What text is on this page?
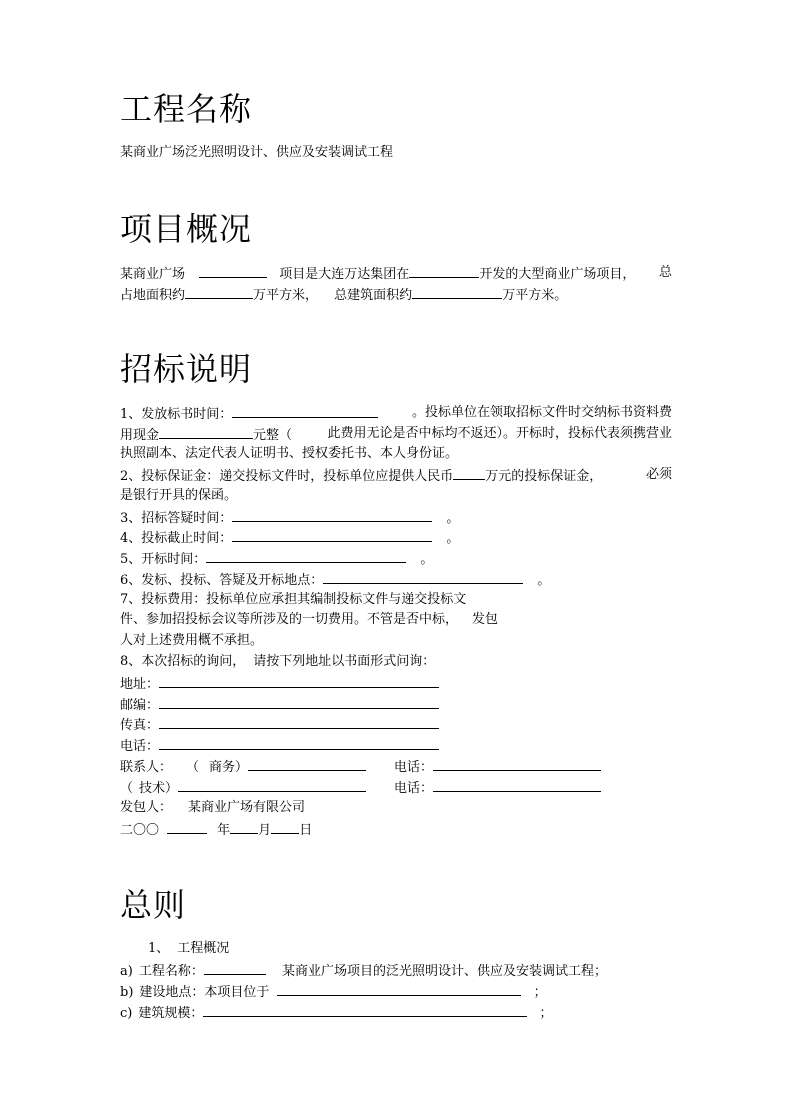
工程名称
某商业广场泛光照明设计、供应及安装调试工程
项目概况
某商业广场	项目是大连万达集团在	开发的大型商业广场项目， 总
占地面积约	万平方米， 总建筑面积约	万平方米。
招标说明
1、发放标书时间：	。投标单位在领取招标文件时交纳标书资料费
用现金	元整（	此费用无论是否中标均不返还）。开标时，投标代表须携营业
执照副本、法定代表人证明书、授权委托书、本人身份证。
2、投标保证金：递交投标文件时，投标单位应提供人民币 万元的投标保证金，	必须
是银行开具的保函。
3、招标答疑时间：	。
4、投标截止时间：	。
5、开标时间：	。
6、发标、投标、答疑及开标地点：	。
7、投标费用：投标单位应承担其编制投标文件与递交投标文
件、参加招投标会议等所涉及的一切费用。不管是否中标， 发包
人对上述费用概不承担。
8、本次招标的询问， 请按下列地址以书面形式问询：
地址：
邮编：
传真：
电话：
联系人： （ 商务）	电话：
（ 技术）	电话：
发包人： 某商业广场有限公司
二〇〇	年 月 日
总则
1、 工程概况
a) 工程名称：	某商业广场项目的泛光照明设计、供应及安装调试工程；
b) 建设地点：本项目位于	；
c) 建筑规模：	；
